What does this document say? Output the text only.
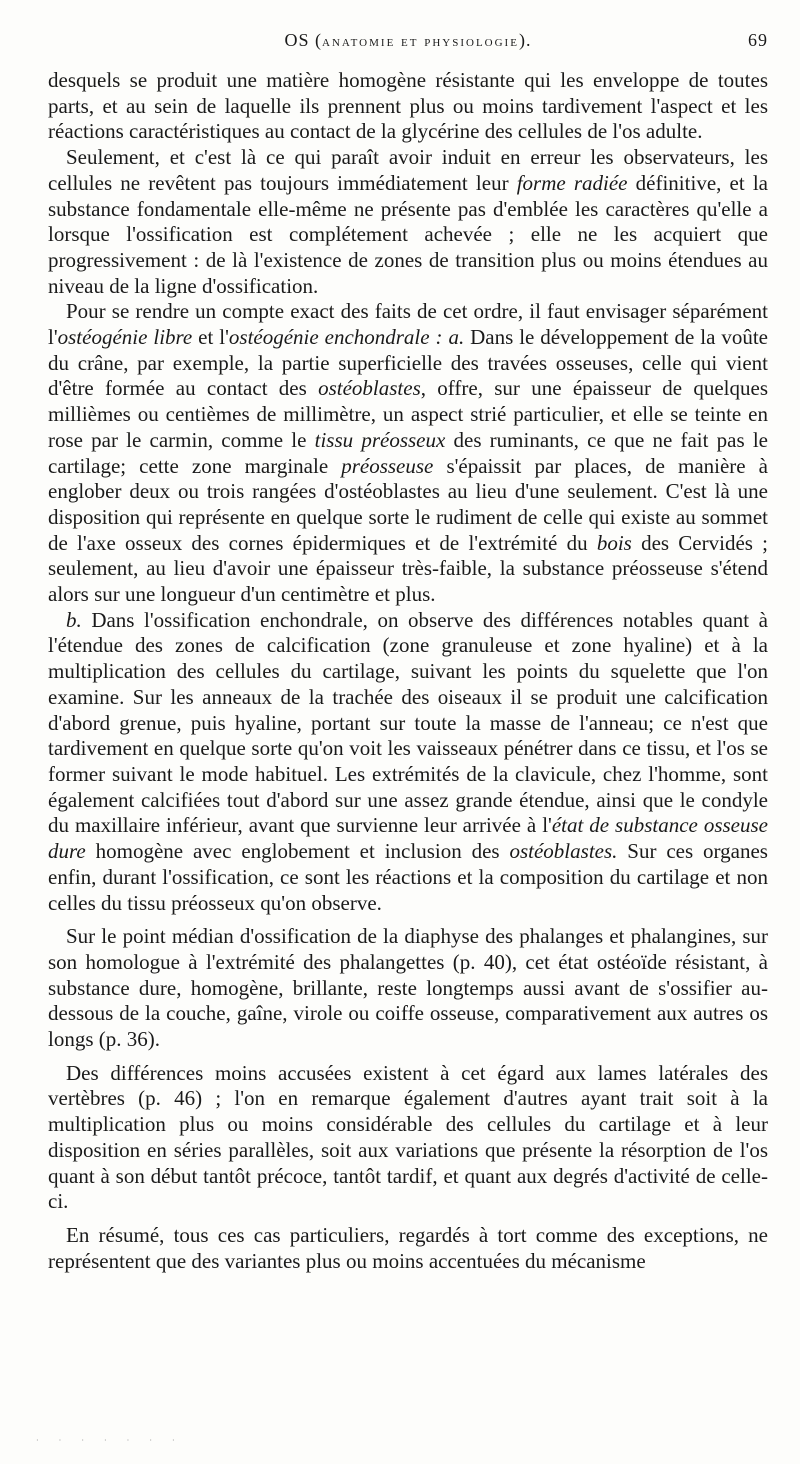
OS (anatomie et physiologie).	69

desquels se produit une matière homogène résistante qui les enveloppe de toutes parts, et au sein de laquelle ils prennent plus ou moins tardivement l'aspect et les réactions caractéristiques au contact de la glycérine des cellules de l'os adulte.

Seulement, et c'est là ce qui paraît avoir induit en erreur les observateurs, les cellules ne revêtent pas toujours immédiatement leur forme radiée définitive, et la substance fondamentale elle-même ne présente pas d'emblée les caractères qu'elle a lorsque l'ossification est complétement achevée ; elle ne les acquiert que progressivement : de là l'existence de zones de transition plus ou moins étendues au niveau de la ligne d'ossification.

Pour se rendre un compte exact des faits de cet ordre, il faut envisager séparément l'ostéogénie libre et l'ostéogénie enchondrale : a. Dans le développement de la voûte du crâne, par exemple, la partie superficielle des travées osseuses, celle qui vient d'être formée au contact des ostéoblastes, offre, sur une épaisseur de quelques millièmes ou centièmes de millimètre, un aspect strié particulier, et elle se teinte en rose par le carmin, comme le tissu préosseux des ruminants, ce que ne fait pas le cartilage; cette zone marginale préosseuse s'épaissit par places, de manière à englober deux ou trois rangées d'ostéoblastes au lieu d'une seulement. C'est là une disposition qui représente en quelque sorte le rudiment de celle qui existe au sommet de l'axe osseux des cornes épidermiques et de l'extrémité du bois des Cervidés ; seulement, au lieu d'avoir une épaisseur très-faible, la substance préosseuse s'étend alors sur une longueur d'un centimètre et plus.

b. Dans l'ossification enchondrale, on observe des différences notables quant à l'étendue des zones de calcification (zone granuleuse et zone hyaline) et à la multiplication des cellules du cartilage, suivant les points du squelette que l'on examine. Sur les anneaux de la trachée des oiseaux il se produit une calcification d'abord grenue, puis hyaline, portant sur toute la masse de l'anneau; ce n'est que tardivement en quelque sorte qu'on voit les vaisseaux pénétrer dans ce tissu, et l'os se former suivant le mode habituel. Les extrémités de la clavicule, chez l'homme, sont également calcifiées tout d'abord sur une assez grande étendue, ainsi que le condyle du maxillaire inférieur, avant que survienne leur arrivée à l'état de substance osseuse dure homogène avec englobement et inclusion des ostéoblastes. Sur ces organes enfin, durant l'ossification, ce sont les réactions et la composition du cartilage et non celles du tissu préosseux qu'on observe.

Sur le point médian d'ossification de la diaphyse des phalanges et phalangines, sur son homologue à l'extrémité des phalangettes (p. 40), cet état ostéoïde résistant, à substance dure, homogène, brillante, reste longtemps aussi avant de s'ossifier au-dessous de la couche, gaîne, virole ou coiffe osseuse, comparativement aux autres os longs (p. 36).

Des différences moins accusées existent à cet égard aux lames latérales des vertèbres (p. 46) ; l'on en remarque également d'autres ayant trait soit à la multiplication plus ou moins considérable des cellules du cartilage et à leur disposition en séries parallèles, soit aux variations que présente la résorption de l'os quant à son début tantôt précoce, tantôt tardif, et quant aux degrés d'activité de celle-ci.

En résumé, tous ces cas particuliers, regardés à tort comme des exceptions, ne représentent que des variantes plus ou moins accentuées du mécanisme

· · · · · · ·
